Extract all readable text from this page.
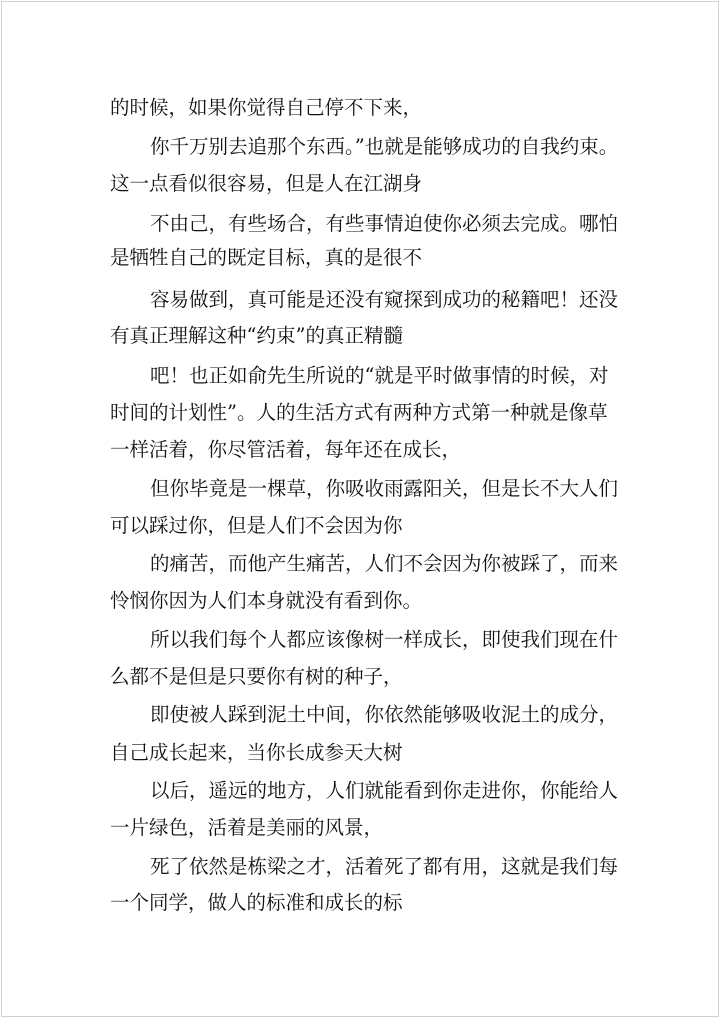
的时候，如果你觉得自己停不下来，
你千万别去追那个东西。”也就是能够成功的自我约束。
这一点看似很容易，但是人在江湖身
不由己，有些场合，有些事情迫使你必须去完成。哪怕
是牺牲自己的既定目标，真的是很不
容易做到，真可能是还没有窥探到成功的秘籍吧！还没
有真正理解这种“约束”的真正精髓
吧！也正如俞先生所说的“就是平时做事情的时候，对
时间的计划性”。人的生活方式有两种方式第一种就是像草
一样活着，你尽管活着，每年还在成长，
但你毕竟是一棵草，你吸收雨露阳关，但是长不大人们
可以踩过你，但是人们不会因为你
的痛苦，而他产生痛苦，人们不会因为你被踩了，而来
怜悯你因为人们本身就没有看到你。
所以我们每个人都应该像树一样成长，即使我们现在什
么都不是但是只要你有树的种子，
即使被人踩到泥土中间，你依然能够吸收泥土的成分，
自己成长起来，当你长成参天大树
以后，遥远的地方，人们就能看到你走进你，你能给人
一片绿色，活着是美丽的风景，
死了依然是栋梁之才，活着死了都有用，这就是我们每
一个同学，做人的标准和成长的标
